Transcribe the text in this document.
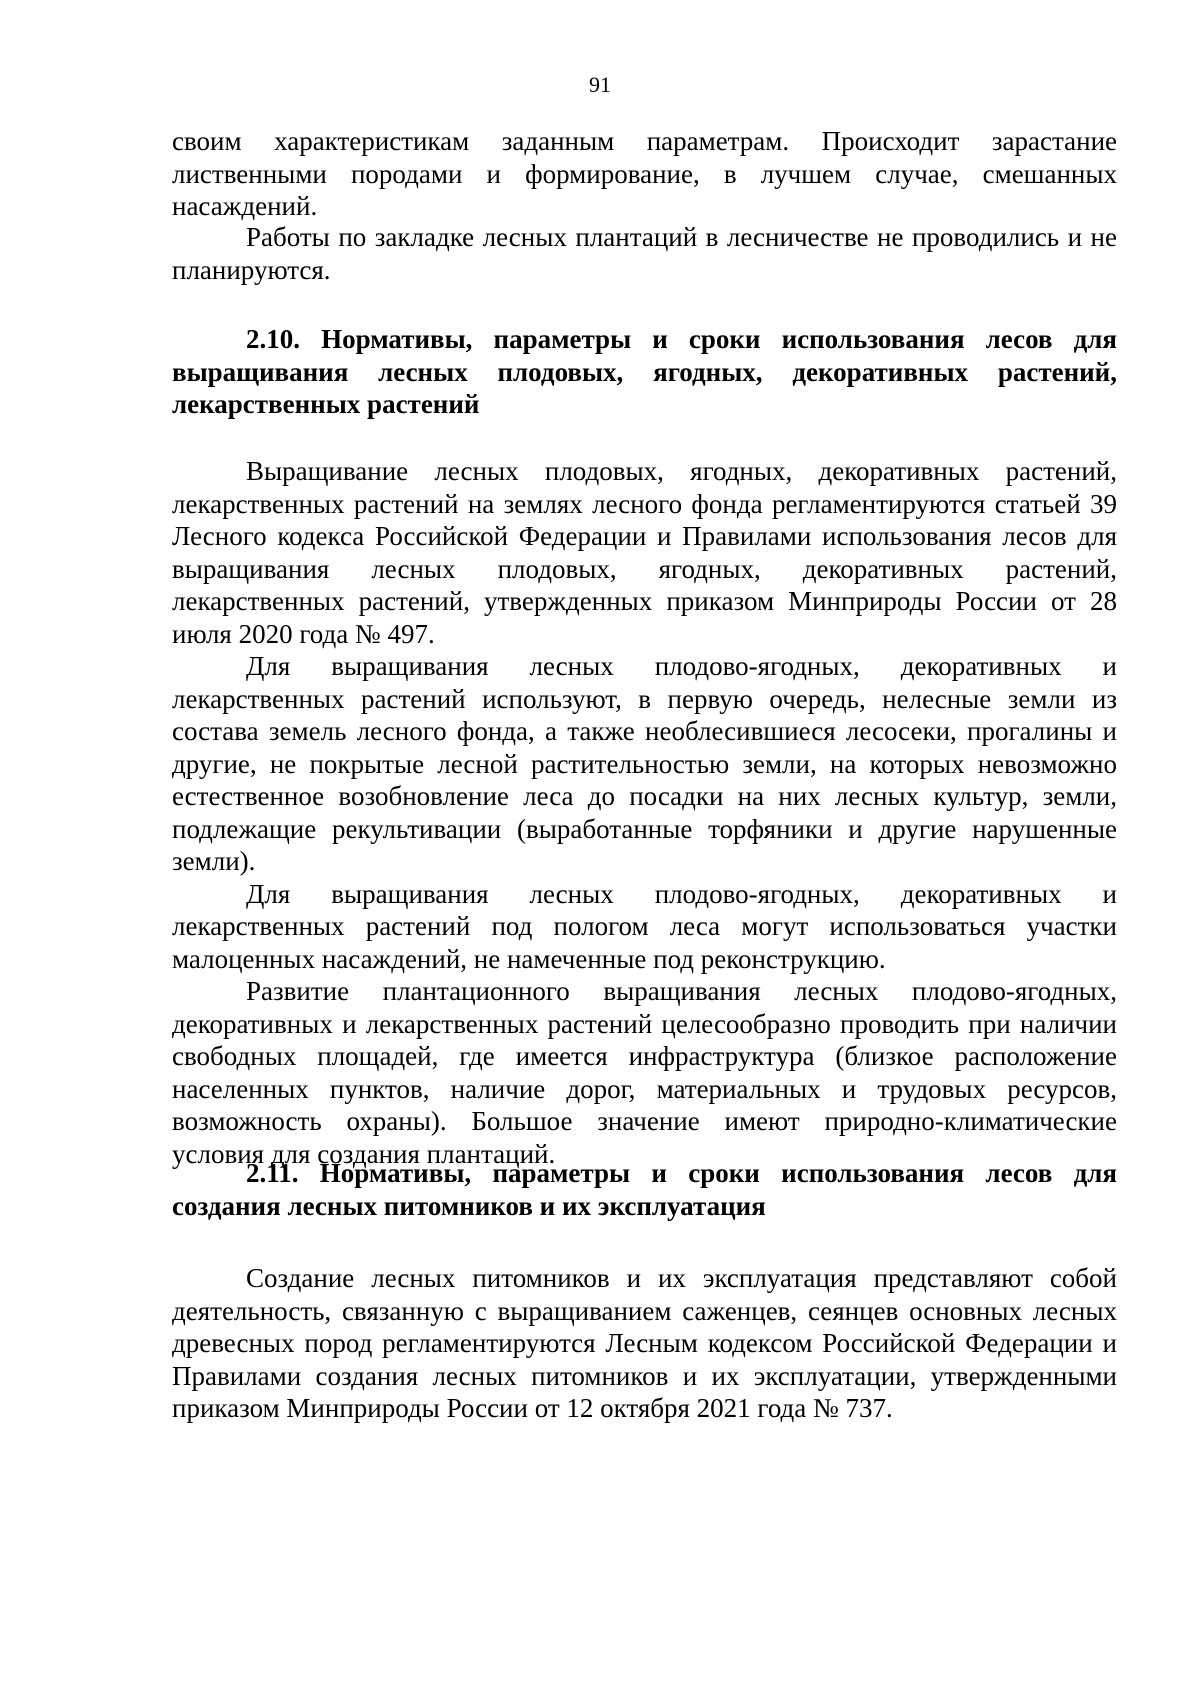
91

своим характеристикам заданным параметрам. Происходит зарастание лиственными породами и формирование, в лучшем случае, смешанных насаждений.

Работы по закладке лесных плантаций в лесничестве не проводились и не планируются.

2.10. Нормативы, параметры и сроки использования лесов для выращивания лесных плодовых, ягодных, декоративных растений, лекарственных растений

Выращивание лесных плодовых, ягодных, декоративных растений, лекарственных растений на землях лесного фонда регламентируются статьей 39 Лесного кодекса Российской Федерации и Правилами использования лесов для выращивания лесных плодовых, ягодных, декоративных растений, лекарственных растений, утвержденных приказом Минприроды России от 28 июля 2020 года № 497.

Для выращивания лесных плодово-ягодных, декоративных и лекарственных растений используют, в первую очередь, нелесные земли из состава земель лесного фонда, а также необлесившиеся лесосеки, прогалины и другие, не покрытые лесной растительностью земли, на которых невозможно естественное возобновление леса до посадки на них лесных культур, земли, подлежащие рекультивации (выработанные торфяники и другие нарушенные земли).

Для выращивания лесных плодово-ягодных, декоративных и лекарственных растений под пологом леса могут использоваться участки малоценных насаждений, не намеченные под реконструкцию.

Развитие плантационного выращивания лесных плодово-ягодных, декоративных и лекарственных растений целесообразно проводить при наличии свободных площадей, где имеется инфраструктура (близкое расположение населенных пунктов, наличие дорог, материальных и трудовых ресурсов, возможность охраны). Большое значение имеют природно-климатические условия для создания плантаций.

2.11. Нормативы, параметры и сроки использования лесов для создания лесных питомников и их эксплуатация

Создание лесных питомников и их эксплуатация представляют собой деятельность, связанную с выращиванием саженцев, сеянцев основных лесных древесных пород регламентируются Лесным кодексом Российской Федерации и Правилами создания лесных питомников и их эксплуатации, утвержденными приказом Минприроды России от 12 октября 2021 года № 737.
